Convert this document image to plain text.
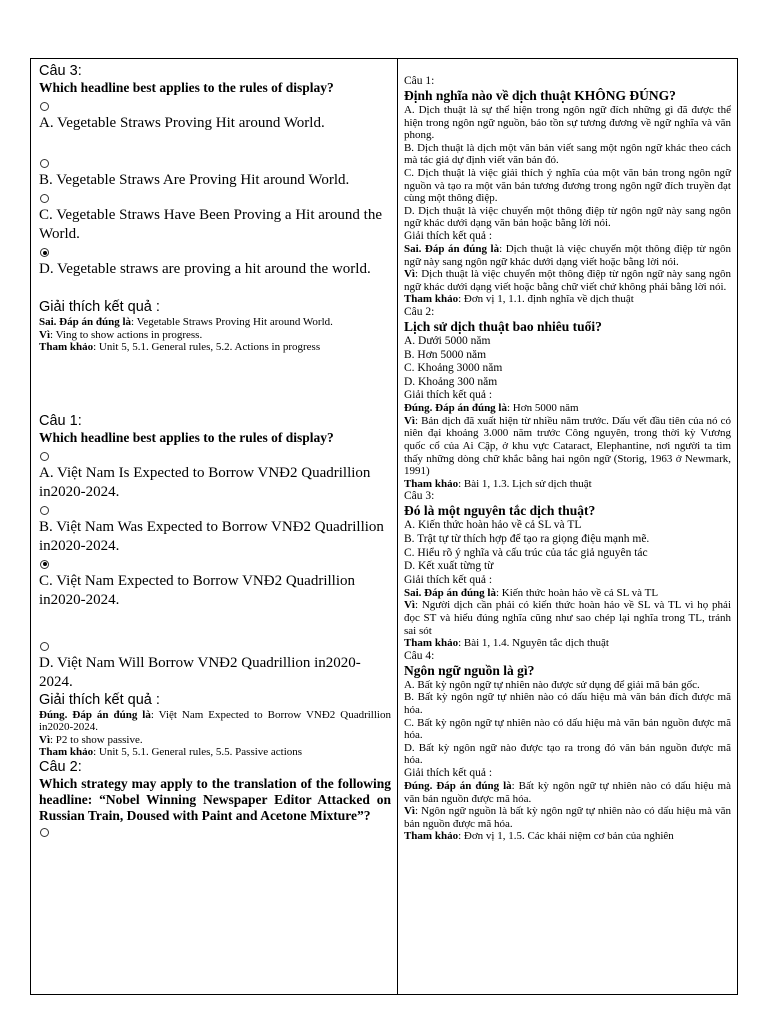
Câu 3:
Which headline best applies to the rules of display?
A. Vegetable Straws Proving Hit around World.
B. Vegetable Straws Are Proving Hit around World.
C. Vegetable Straws Have Been Proving a Hit around the World.
D. Vegetable straws are proving a hit around the world.
Giải thích kết quả :
Sai. Đáp án đúng là: Vegetable Straws Proving Hit around World.
Vì: Ving to show actions in progress.
Tham khảo: Unit 5, 5.1. General rules, 5.2. Actions in progress
Câu 1:
Which headline best applies to the rules of display?
A. Việt Nam Is Expected to Borrow VNĐ2 Quadrillion in2020-2024.
B. Việt Nam Was Expected to Borrow VNĐ2 Quadrillion in2020-2024.
C. Việt Nam Expected to Borrow VNĐ2 Quadrillion in2020-2024.
D. Việt Nam Will Borrow VNĐ2 Quadrillion in2020-2024.
Giải thích kết quả :
Đúng. Đáp án đúng là: Việt Nam Expected to Borrow VNĐ2 Quadrillion in2020-2024.
Vì: P2 to show passive.
Tham khảo: Unit 5, 5.1. General rules, 5.5. Passive actions
Câu 2:
Which strategy may apply to the translation of the following headline: “Nobel Winning Newspaper Editor Attacked on Russian Train, Doused with Paint and Acetone Mixture”?
Câu 1:
Định nghĩa nào về dịch thuật KHÔNG ĐÚNG?
A. Dịch thuật là sự thể hiện trong ngôn ngữ đích những gì đã được thể hiện trong ngôn ngữ nguồn, bảo tồn sự tương đương về ngữ nghĩa và văn phong.
B. Dịch thuật là dịch một văn bản viết sang một ngôn ngữ khác theo cách mà tác giả dự định viết văn bản đó.
C. Dịch thuật là việc giải thích ý nghĩa của một văn bản trong ngôn ngữ nguồn và tạo ra một văn bản tương đương trong ngôn ngữ đích truyền đạt cùng một thông điệp.
D. Dịch thuật là việc chuyển một thông điệp từ ngôn ngữ này sang ngôn ngữ khác dưới dạng văn bản hoặc bằng lời nói.
Giải thích kết quả :
Sai. Đáp án đúng là: Dịch thuật là việc chuyển một thông điệp từ ngôn ngữ này sang ngôn ngữ khác dưới dạng viết hoặc bằng lời nói.
Vì: Dịch thuật là việc chuyển một thông điệp từ ngôn ngữ này sang ngôn ngữ khác dưới dạng viết hoặc bằng chữ viết chứ không phải bằng lời nói.
Tham khảo: Đơn vị 1, 1.1. định nghĩa về dịch thuật
Câu 2:
Lịch sử dịch thuật bao nhiêu tuổi?
A. Dưới 5000 năm
B. Hơn 5000 năm
C. Khoảng 3000 năm
D. Khoảng 300 năm
Giải thích kết quả :
Đúng. Đáp án đúng là: Hơn 5000 năm
Vì: Bản dịch đã xuất hiện từ nhiều năm trước. Dấu vết đầu tiên của nó có niên đại khoảng 3.000 năm trước Công nguyên, trong thời kỳ Vương quốc cổ của Ai Cập, ở khu vực Cataract, Elephantine, nơi người ta tìm thấy những dòng chữ khắc bằng hai ngôn ngữ (Storig, 1963 ở Newmark, 1991)
Tham khảo: Bài 1, 1.3. Lịch sử dịch thuật
Câu 3:
Đó là một nguyên tắc dịch thuật?
A. Kiến thức hoàn hảo về cả SL và TL
B. Trật tự từ thích hợp để tạo ra giọng điệu mạnh mẽ.
C. Hiểu rõ ý nghĩa và cấu trúc của tác giả nguyên tác
D. Kết xuất từng từ
Giải thích kết quả :
Sai. Đáp án đúng là: Kiến thức hoàn hảo về cả SL và TL
Vì: Người dịch cần phải có kiến thức hoàn hảo về SL và TL vì họ phải đọc ST và hiểu đúng nghĩa cũng như sao chép lại nghĩa trong TL, tránh sai sót
Tham khảo: Bài 1, 1.4. Nguyên tắc dịch thuật
Câu 4:
Ngôn ngữ nguồn là gì?
A. Bất kỳ ngôn ngữ tự nhiên nào được sử dụng để giải mã bản gốc.
B. Bất kỳ ngôn ngữ tự nhiên nào có dấu hiệu mà văn bản đích được mã hóa.
C. Bất kỳ ngôn ngữ tự nhiên nào có dấu hiệu mà văn bản nguồn được mã hóa.
D. Bất kỳ ngôn ngữ nào được tạo ra trong đó văn bản nguồn được mã hóa.
Giải thích kết quả :
Đúng. Đáp án đúng là: Bất kỳ ngôn ngữ tự nhiên nào có dấu hiệu mà văn bản nguồn được mã hóa.
Vì: Ngôn ngữ nguồn là bất kỳ ngôn ngữ tự nhiên nào có dấu hiệu mà văn bản nguồn được mã hóa.
Tham khảo: Đơn vị 1, 1.5. Các khái niệm cơ bản của nghiên
